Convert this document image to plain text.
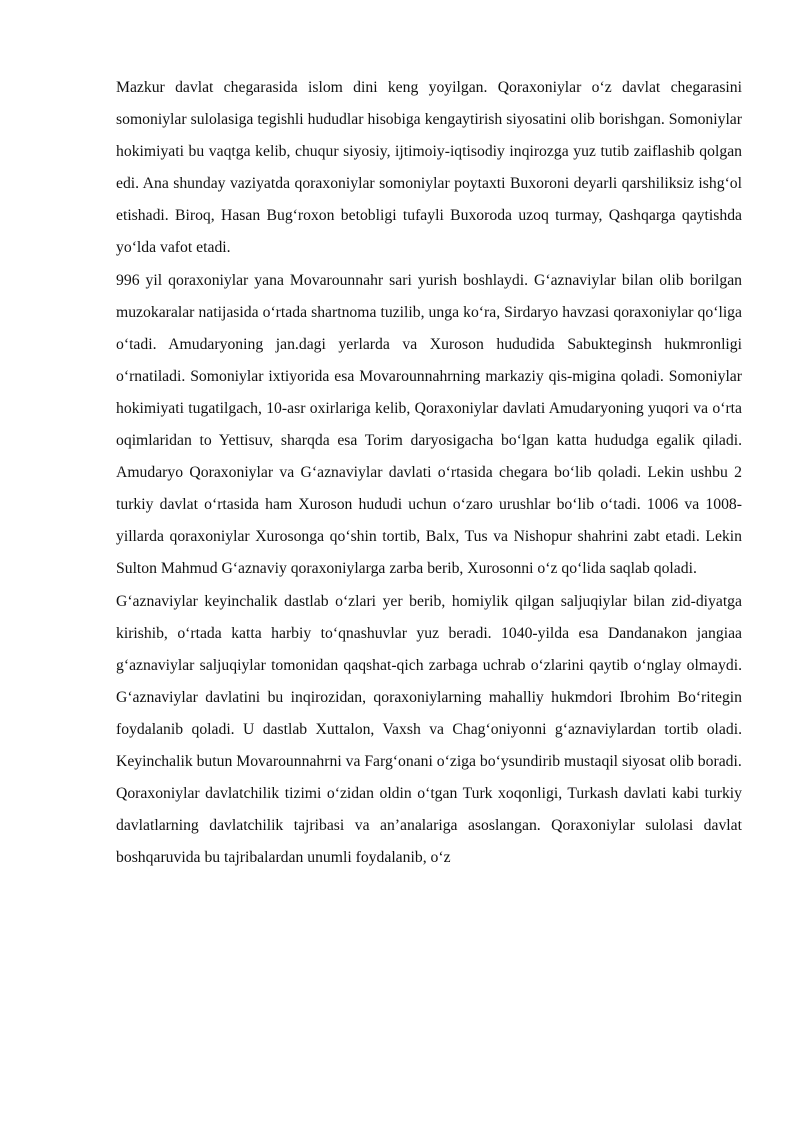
Mazkur davlat chegarasida islom dini keng yoyilgan. Qoraxoniylar o‘z davlat chegarasini somoniylar sulolasiga tegishli hududlar hisobiga kengaytirish siyosatini olib borishgan. Somoniylar hokimiyati bu vaqtga kelib, chuqur siyosiy, ijtimoiy-iqtisodiy inqirozga yuz tutib zaiflashib qolgan edi. Ana shunday vaziyatda qoraxoniylar somoniylar poytaxti Buxoroni deyarli qarshiliksiz ishg‘ol etishadi. Biroq, Hasan Bug‘roxon betobligi tufayli Buxoroda uzoq turmay, Qashqarga qaytishda yo‘lda vafot etadi.

996 yil qoraxoniylar yana Movarounnahr sari yurish boshlaydi. G‘aznaviylar bilan olib borilgan muzokaralar natijasida o‘rtada shartnoma tuzilib, unga ko‘ra, Sirdaryo havzasi qoraxoniylar qo‘liga o‘tadi. Amudaryoning jan.dagi yerlarda va Xuroson hududida Sabukteginsh hukmronligi o‘rnatiladi. Somoniylar ixtiyorida esa Movarounnahrning markaziy qis-migina qoladi. Somoniylar hokimiyati tugatilgach, 10-asr oxirlariga kelib, Qoraxoniylar davlati Amudaryoning yuqori va o‘rta oqimlaridan to Yettisuv, sharqda esa Torim daryosigacha bo‘lgan katta hududga egalik qiladi. Amudaryo Qoraxoniylar va G‘aznaviylar davlati o‘rtasida chegara bo‘lib qoladi. Lekin ushbu 2 turkiy davlat o‘rtasida ham Xuroson hududi uchun o‘zaro urushlar bo‘lib o‘tadi. 1006 va 1008-yillarda qoraxoniylar Xurosonga qo‘shin tortib, Balx, Tus va Nishopur shahrini zabt etadi. Lekin Sulton Mahmud G‘aznaviy qoraxoniylarga zarba berib, Xurosonni o‘z qo‘lida saqlab qoladi.

G‘aznaviylar keyinchalik dastlab o‘zlari yer berib, homiylik qilgan saljuqiylar bilan zid-diyatga kirishib, o‘rtada katta harbiy to‘qnashuvlar yuz beradi. 1040-yilda esa Dandanakon jangiaa g‘aznaviylar saljuqiylar tomonidan qaqshat-qich zarbaga uchrab o‘zlarini qaytib o‘nglay olmaydi. G‘aznaviylar davlatini bu inqirozidan, qoraxoniylarning mahalliy hukmdori Ibrohim Bo‘ritegin foydalanib qoladi. U dastlab Xuttalon, Vaxsh va Chag‘oniyonni g‘aznaviylardan tortib oladi. Keyinchalik butun Movarounnahrni va Farg‘onani o‘ziga bo‘ysundirib mustaqil siyosat olib boradi.

Qoraxoniylar davlatchilik tizimi o‘zidan oldin o‘tgan Turk xoqonligi, Turkash davlati kabi turkiy davlatlarning davlatchilik tajribasi va an’analariga asoslangan. Qoraxoniylar sulolasi davlat boshqaruvida bu tajribalardan unumli foydalanib, o‘z
